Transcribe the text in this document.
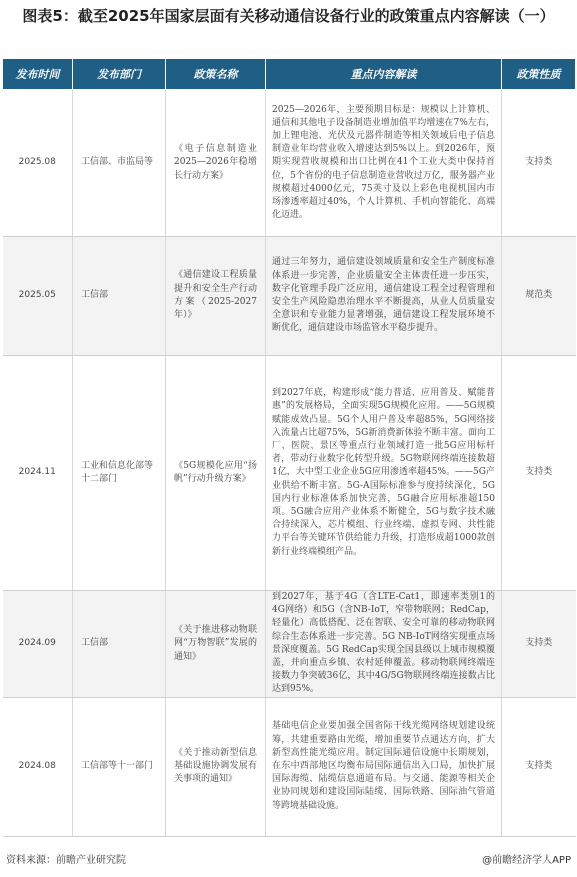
图表5：截至2025年国家层面有关移动通信设备行业的政策重点内容解读（一）
发布时间	发布部门	政策名称	重点内容解读	政策性质
2025.08	工信部、市监局等	《电子信息制造业2025—2026年稳增长行动方案》	2025—2026年，主要预期目标是：规模以上计算机、通信和其他电子设备制造业增加值平均增速在7%左右，加上锂电池、光伏及元器件制造等相关领域后电子信息制造业年均营业收入增速达到5%以上。到2026年，预期实现营收规模和出口比例在41个工业大类中保持首位，5个省份的电子信息制造业营收过万亿，服务器产业规模超过4000亿元，75英寸及以上彩色电视机国内市场渗透率超过40%，个人计算机、手机向智能化、高端化迈进。	支持类
2025.05	工信部	《通信建设工程质量提升和安全生产行动方案（2025-2027年）》	通过三年努力，通信建设领域质量和安全生产制度标准体系进一步完善，企业质量安全主体责任进一步压实，数字化管理手段广泛应用，通信建设工程全过程管理和安全生产风险隐患治理水平不断提高，从业人员质量安全意识和专业能力显著增强，通信建设工程发展环境不断优化，通信建设市场监管水平稳步提升。	规范类
2024.11	工业和信息化部等十二部门	《5G规模化应用“扬帆”行动升级方案》	到2027年底，构建形成“能力普适、应用普及、赋能普惠”的发展格局，全面实现5G规模化应用。——5G规模赋能成效凸显。5G个人用户普及率超85%，5G网络接入流量占比超75%，5G新消费新体验不断丰富。面向工厂、医院、景区等重点行业领域打造一批5G应用标杆者，带动行业数字化转型升级。5G物联网终端连接数超1亿，大中型工业企业5G应用渗透率超45%。——5G产业供给不断丰富。5G-A国际标准参与度持续深化，5G国内行业标准体系加快完善，5G融合应用标准超150项。5G融合应用产业体系不断健全，5G与数字技术融合持续深入，芯片模组、行业终端、虚拟专网、共性能力平台等关键环节供给能力升级，打造形成超1000款创新行业终端模组产品。	支持类
2024.09	工信部	《关于推进移动物联网“万物智联”发展的通知》	到2027年，基于4G（含LTE-Cat1，即速率类别1的4G网络）和5G（含NB-IoT，窄带物联网；RedCap，轻量化）高低搭配、泛在智联、安全可靠的移动物联网综合生态体系进一步完善。5G NB-IoT网络实现重点场景深度覆盖。5G RedCap实现全国县级以上城市规模覆盖，并向重点乡镇、农村延伸覆盖。移动物联网终端连接数力争突破36亿，其中4G/5G物联网终端连接数占比达到95%。	支持类
2024.08	工信部等十一部门	《关于推动新型信息基础设施协调发展有关事项的通知》	基础电信企业要加强全国省际干线光缆网络规划建设统筹，共建重要路由光缆，增加重要节点通达方向，扩大新型高性能光缆应用。制定国际通信设施中长期规划，在东中西部地区均衡布局国际通信出入口局，加快扩展国际海缆、陆缆信息通道布局。与交通、能源等相关企业协同规划和建设国际陆缆、国际铁路、国际油气管道等跨境基础设施。	支持类
资料来源：前瞻产业研究院	@前瞻经济学人APP
